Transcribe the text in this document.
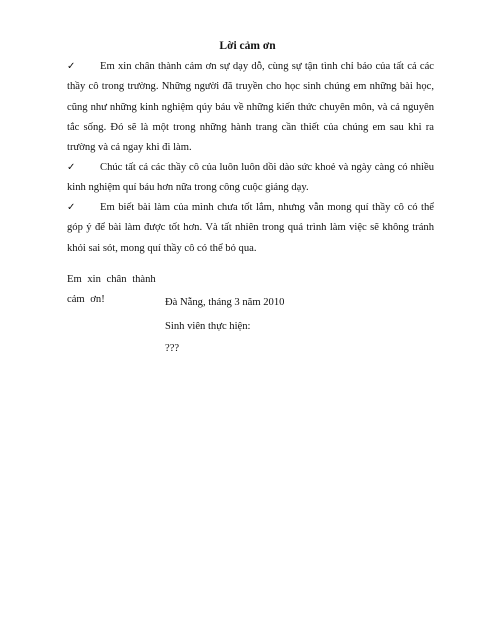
Lời cảm ơn
✓ Em xin chân thành cảm ơn sự dạy dỗ, cùng sự tận tình chỉ bảo của tất cả các thầy cô trong trường. Những người đã truyền cho học sinh chúng em những bài học, cũng như những kinh nghiệm qúy báu về những kiến thức chuyên môn, và cả nguyên tắc sống. Đó sẽ là một trong những hành trang cần thiết của chúng em sau khi ra trường và cả ngay khi đi làm.
✓ Chúc tất cả các thầy cô của luôn luôn dồi dào sức khoẻ và ngày càng có nhiều kinh nghiệm quí báu hơn nữa trong công cuộc giảng dạy.
✓ Em biết bài làm của mình chưa tốt lắm, nhưng vẫn mong quí thầy cô có thể góp ý để bài làm được tốt hơn. Và tất nhiên trong quá trình làm việc sẽ không tránh khỏi sai sót, mong quí thầy cô có thể bỏ qua.
Em xin chân thành cảm ơn!	Đà Nẵng, tháng 3 năm 2010
Sinh viên thực hiện:
???
